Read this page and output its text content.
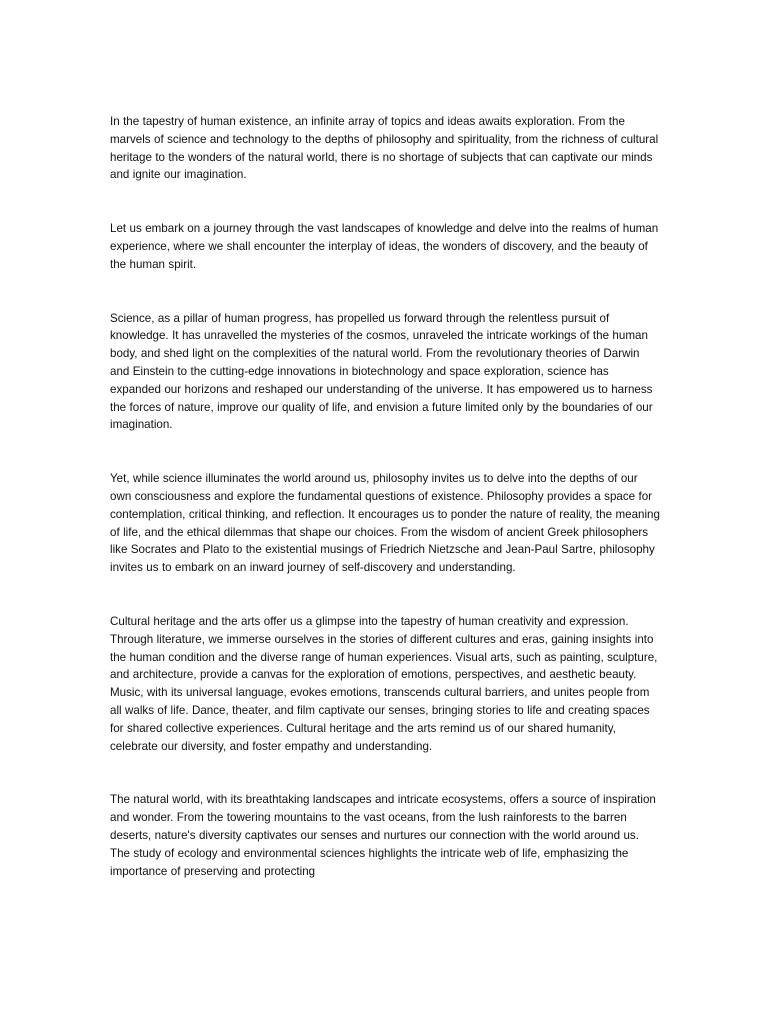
In the tapestry of human existence, an infinite array of topics and ideas awaits exploration. From the marvels of science and technology to the depths of philosophy and spirituality, from the richness of cultural heritage to the wonders of the natural world, there is no shortage of subjects that can captivate our minds and ignite our imagination.

Let us embark on a journey through the vast landscapes of knowledge and delve into the realms of human experience, where we shall encounter the interplay of ideas, the wonders of discovery, and the beauty of the human spirit.

Science, as a pillar of human progress, has propelled us forward through the relentless pursuit of knowledge. It has unravelled the mysteries of the cosmos, unraveled the intricate workings of the human body, and shed light on the complexities of the natural world. From the revolutionary theories of Darwin and Einstein to the cutting-edge innovations in biotechnology and space exploration, science has expanded our horizons and reshaped our understanding of the universe. It has empowered us to harness the forces of nature, improve our quality of life, and envision a future limited only by the boundaries of our imagination.

Yet, while science illuminates the world around us, philosophy invites us to delve into the depths of our own consciousness and explore the fundamental questions of existence. Philosophy provides a space for contemplation, critical thinking, and reflection. It encourages us to ponder the nature of reality, the meaning of life, and the ethical dilemmas that shape our choices. From the wisdom of ancient Greek philosophers like Socrates and Plato to the existential musings of Friedrich Nietzsche and Jean-Paul Sartre, philosophy invites us to embark on an inward journey of self-discovery and understanding.

Cultural heritage and the arts offer us a glimpse into the tapestry of human creativity and expression. Through literature, we immerse ourselves in the stories of different cultures and eras, gaining insights into the human condition and the diverse range of human experiences. Visual arts, such as painting, sculpture, and architecture, provide a canvas for the exploration of emotions, perspectives, and aesthetic beauty. Music, with its universal language, evokes emotions, transcends cultural barriers, and unites people from all walks of life. Dance, theater, and film captivate our senses, bringing stories to life and creating spaces for shared collective experiences. Cultural heritage and the arts remind us of our shared humanity, celebrate our diversity, and foster empathy and understanding.

The natural world, with its breathtaking landscapes and intricate ecosystems, offers a source of inspiration and wonder. From the towering mountains to the vast oceans, from the lush rainforests to the barren deserts, nature's diversity captivates our senses and nurtures our connection with the world around us. The study of ecology and environmental sciences highlights the intricate web of life, emphasizing the importance of preserving and protecting
